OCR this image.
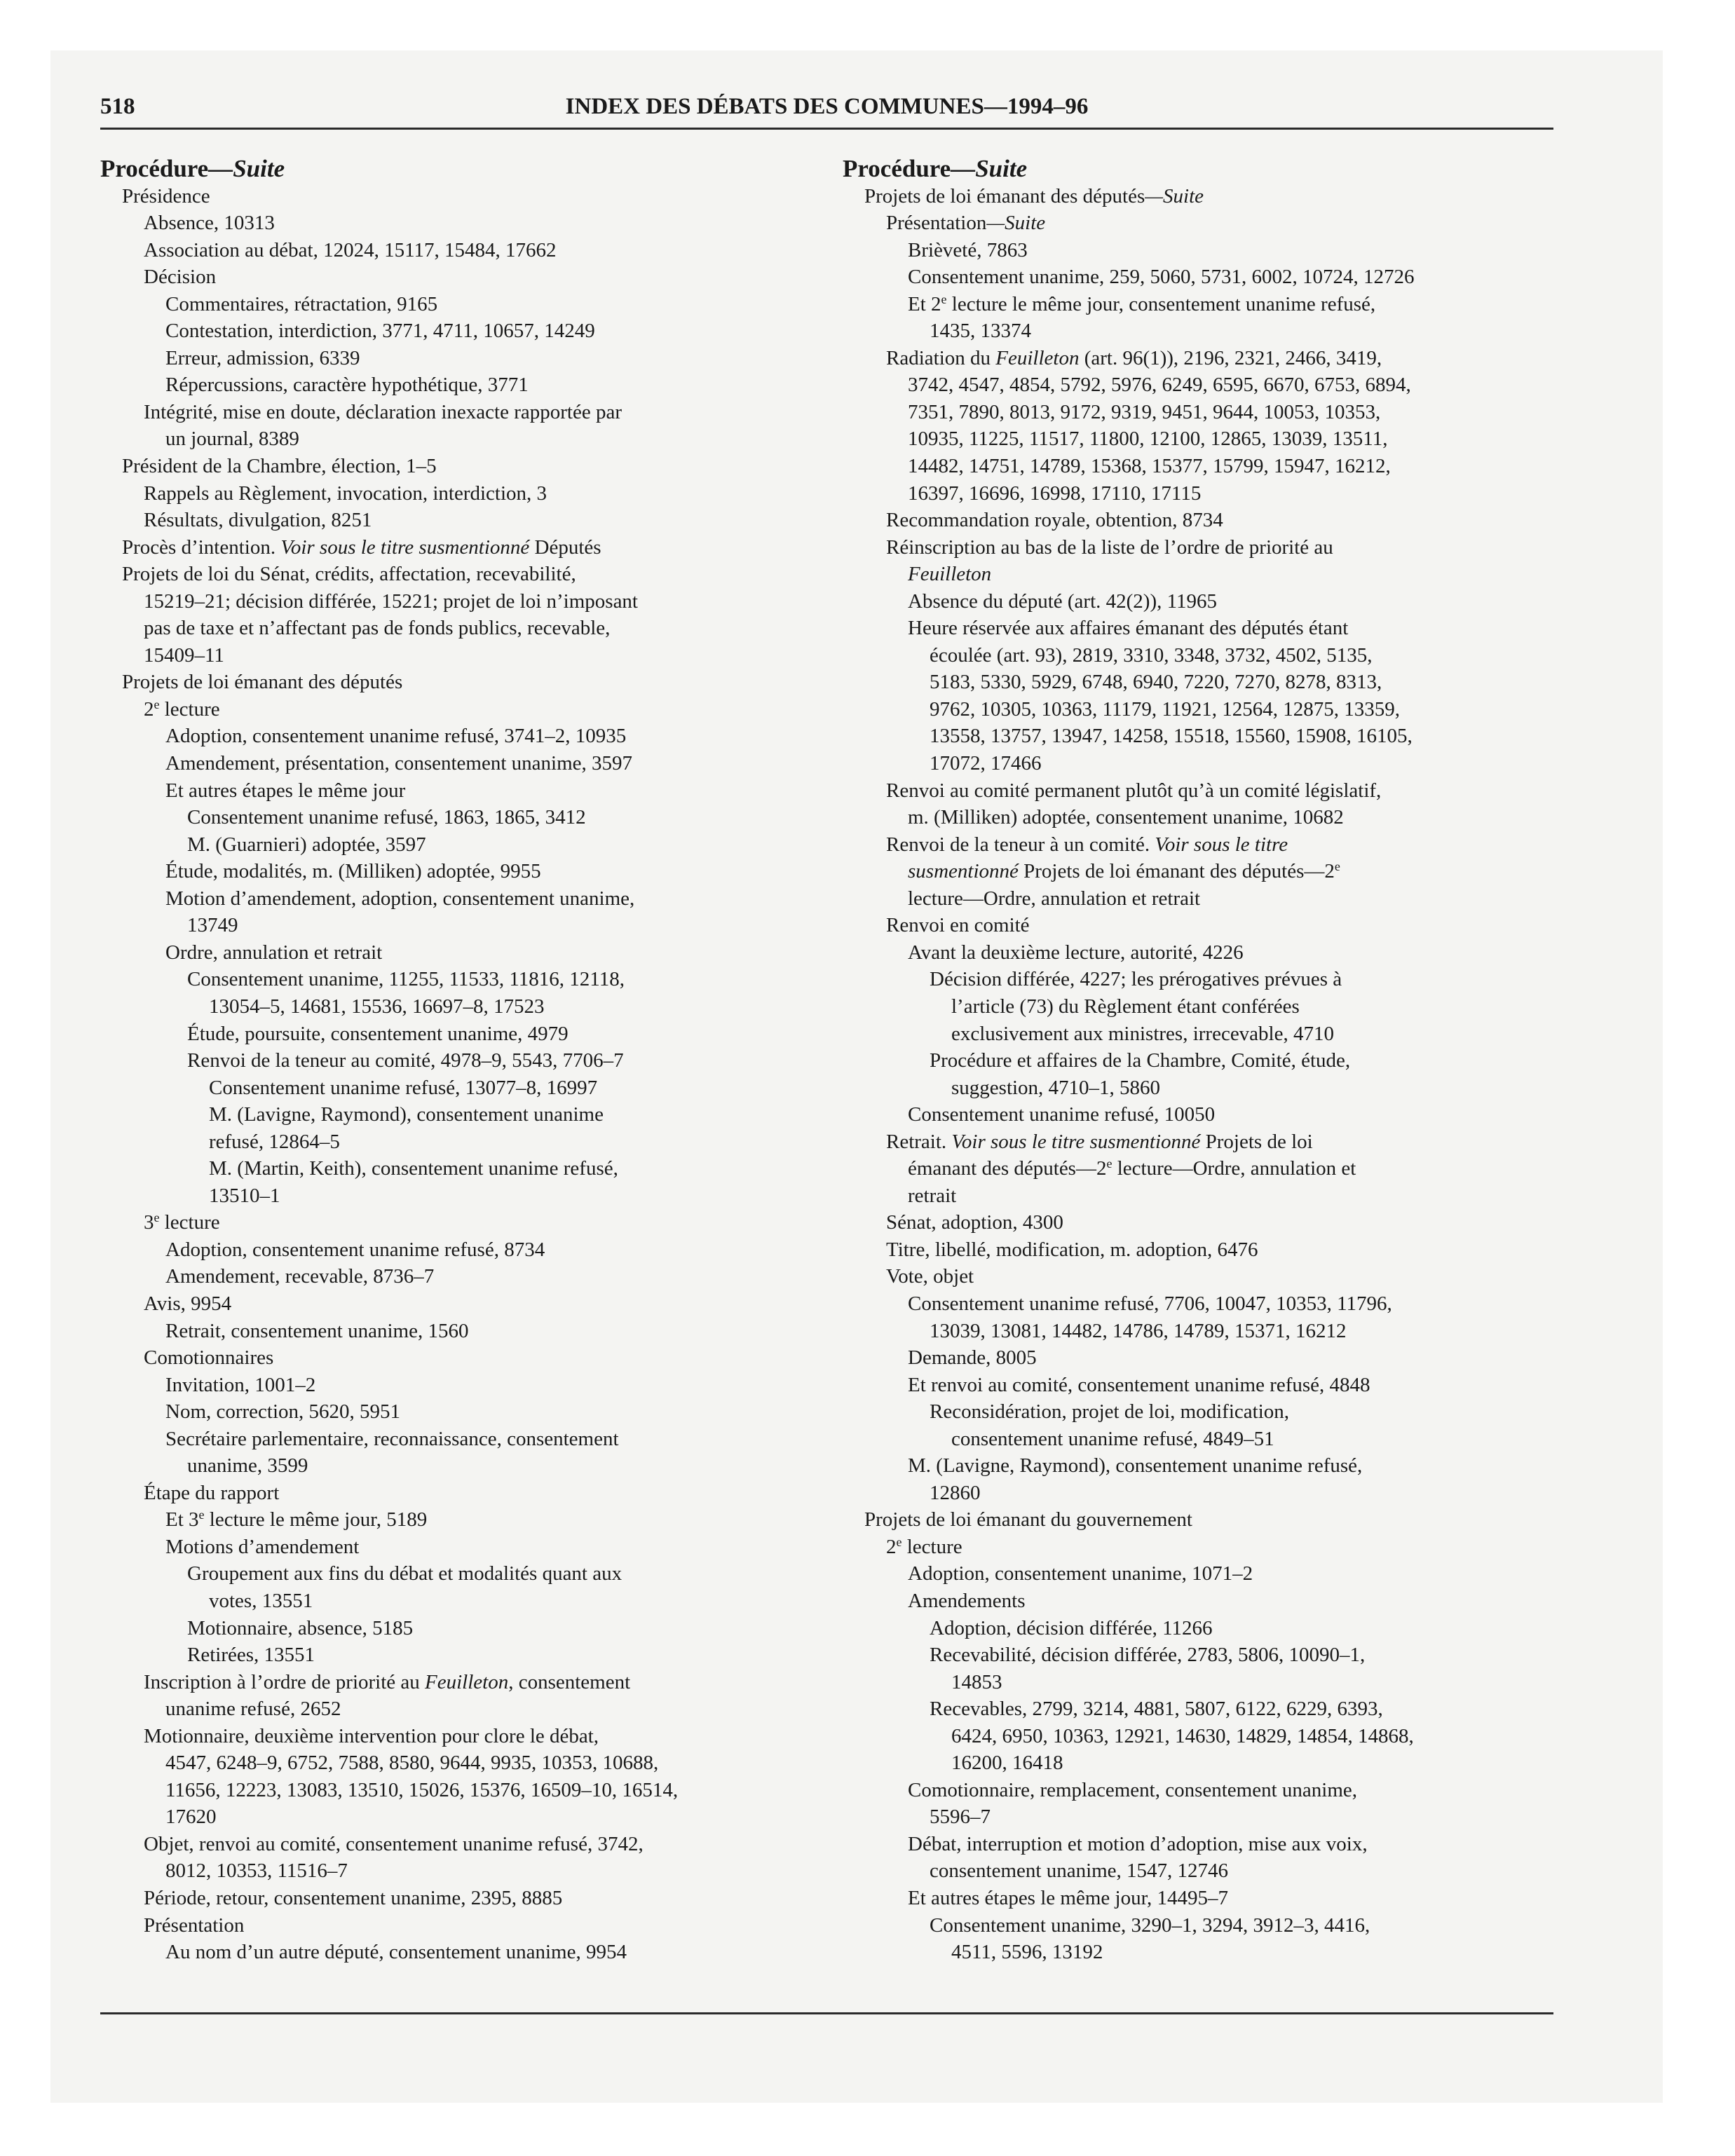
518	INDEX DES DÉBATS DES COMMUNES—1994–96
Procédure—Suite
Présidence
Absence, 10313
Association au débat, 12024, 15117, 15484, 17662
Décision
Commentaires, rétractation, 9165
Contestation, interdiction, 3771, 4711, 10657, 14249
Erreur, admission, 6339
Répercussions, caractère hypothétique, 3771
Intégrité, mise en doute, déclaration inexacte rapportée par
un journal, 8389
Président de la Chambre, élection, 1–5
Rappels au Règlement, invocation, interdiction, 3
Résultats, divulgation, 8251
Procès d’intention. Voir sous le titre susmentionné Députés
Projets de loi du Sénat, crédits, affectation, recevabilité,
15219–21; décision différée, 15221; projet de loi n’imposant
pas de taxe et n’affectant pas de fonds publics, recevable,
15409–11
Projets de loi émanant des députés
2e lecture
Adoption, consentement unanime refusé, 3741–2, 10935
Amendement, présentation, consentement unanime, 3597
Et autres étapes le même jour
Consentement unanime refusé, 1863, 1865, 3412
M. (Guarnieri) adoptée, 3597
Étude, modalités, m. (Milliken) adoptée, 9955
Motion d’amendement, adoption, consentement unanime,
13749
Ordre, annulation et retrait
Consentement unanime, 11255, 11533, 11816, 12118,
13054–5, 14681, 15536, 16697–8, 17523
Étude, poursuite, consentement unanime, 4979
Renvoi de la teneur au comité, 4978–9, 5543, 7706–7
Consentement unanime refusé, 13077–8, 16997
M. (Lavigne, Raymond), consentement unanime
refusé, 12864–5
M. (Martin, Keith), consentement unanime refusé,
13510–1
3e lecture
Adoption, consentement unanime refusé, 8734
Amendement, recevable, 8736–7
Avis, 9954
Retrait, consentement unanime, 1560
Comotionnaires
Invitation, 1001–2
Nom, correction, 5620, 5951
Secrétaire parlementaire, reconnaissance, consentement
unanime, 3599
Étape du rapport
Et 3e lecture le même jour, 5189
Motions d’amendement
Groupement aux fins du débat et modalités quant aux
votes, 13551
Motionnaire, absence, 5185
Retirées, 13551
Inscription à l’ordre de priorité au Feuilleton, consentement
unanime refusé, 2652
Motionnaire, deuxième intervention pour clore le débat,
4547, 6248–9, 6752, 7588, 8580, 9644, 9935, 10353, 10688,
11656, 12223, 13083, 13510, 15026, 15376, 16509–10, 16514,
17620
Objet, renvoi au comité, consentement unanime refusé, 3742,
8012, 10353, 11516–7
Période, retour, consentement unanime, 2395, 8885
Présentation
Au nom d’un autre député, consentement unanime, 9954
Procédure—Suite
Projets de loi émanant des députés—Suite
Présentation—Suite
Brièveté, 7863
Consentement unanime, 259, 5060, 5731, 6002, 10724, 12726
Et 2e lecture le même jour, consentement unanime refusé,
1435, 13374
Radiation du Feuilleton (art. 96(1)), 2196, 2321, 2466, 3419,
3742, 4547, 4854, 5792, 5976, 6249, 6595, 6670, 6753, 6894,
7351, 7890, 8013, 9172, 9319, 9451, 9644, 10053, 10353,
10935, 11225, 11517, 11800, 12100, 12865, 13039, 13511,
14482, 14751, 14789, 15368, 15377, 15799, 15947, 16212,
16397, 16696, 16998, 17110, 17115
Recommandation royale, obtention, 8734
Réinscription au bas de la liste de l’ordre de priorité au
Feuilleton
Absence du député (art. 42(2)), 11965
Heure réservée aux affaires émanant des députés étant
écoulée (art. 93), 2819, 3310, 3348, 3732, 4502, 5135,
5183, 5330, 5929, 6748, 6940, 7220, 7270, 8278, 8313,
9762, 10305, 10363, 11179, 11921, 12564, 12875, 13359,
13558, 13757, 13947, 14258, 15518, 15560, 15908, 16105,
17072, 17466
Renvoi au comité permanent plutôt qu’à un comité législatif,
m. (Milliken) adoptée, consentement unanime, 10682
Renvoi de la teneur à un comité. Voir sous le titre
susmentionné Projets de loi émanant des députés—2e
lecture—Ordre, annulation et retrait
Renvoi en comité
Avant la deuxième lecture, autorité, 4226
Décision différée, 4227; les prérogatives prévues à
l’article (73) du Règlement étant conférées
exclusivement aux ministres, irrecevable, 4710
Procédure et affaires de la Chambre, Comité, étude,
suggestion, 4710–1, 5860
Consentement unanime refusé, 10050
Retrait. Voir sous le titre susmentionné Projets de loi
émanant des députés—2e lecture—Ordre, annulation et
retrait
Sénat, adoption, 4300
Titre, libellé, modification, m. adoption, 6476
Vote, objet
Consentement unanime refusé, 7706, 10047, 10353, 11796,
13039, 13081, 14482, 14786, 14789, 15371, 16212
Demande, 8005
Et renvoi au comité, consentement unanime refusé, 4848
Reconsidération, projet de loi, modification,
consentement unanime refusé, 4849–51
M. (Lavigne, Raymond), consentement unanime refusé,
12860
Projets de loi émanant du gouvernement
2e lecture
Adoption, consentement unanime, 1071–2
Amendements
Adoption, décision différée, 11266
Recevabilité, décision différée, 2783, 5806, 10090–1,
14853
Recevables, 2799, 3214, 4881, 5807, 6122, 6229, 6393,
6424, 6950, 10363, 12921, 14630, 14829, 14854, 14868,
16200, 16418
Comotionnaire, remplacement, consentement unanime,
5596–7
Débat, interruption et motion d’adoption, mise aux voix,
consentement unanime, 1547, 12746
Et autres étapes le même jour, 14495–7
Consentement unanime, 3290–1, 3294, 3912–3, 4416,
4511, 5596, 13192
